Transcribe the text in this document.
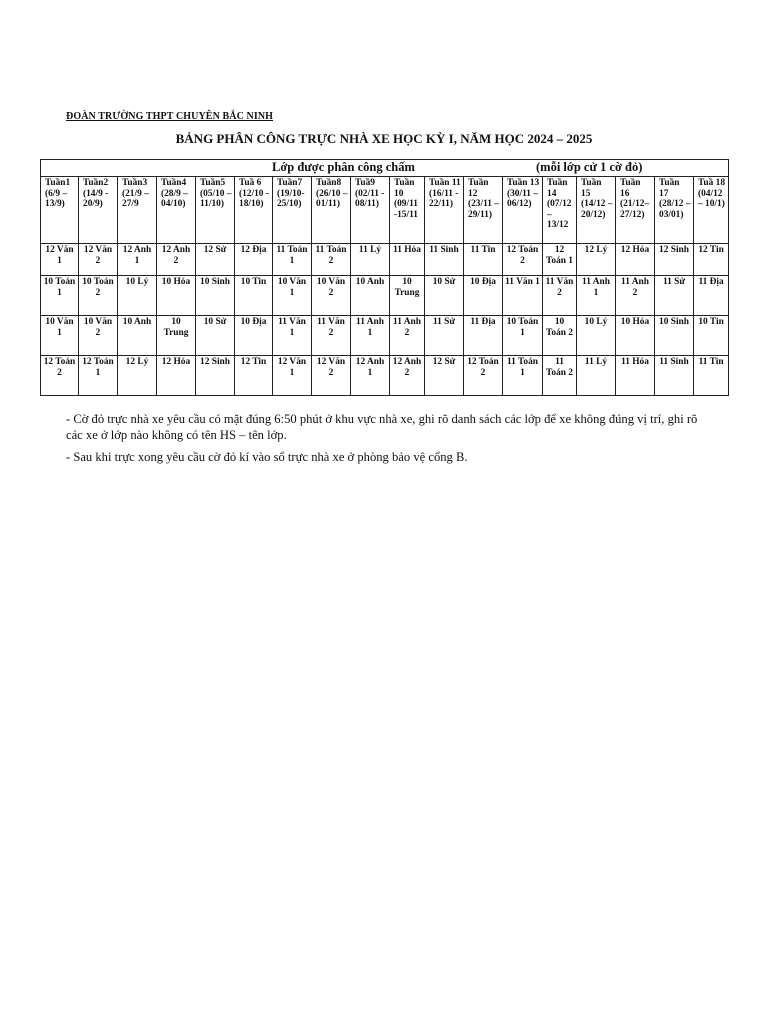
ĐOÀN TRƯỜNG THPT CHUYÊN BẮC NINH
BẢNG PHÂN CÔNG TRỰC NHÀ XE HỌC KỲ I, NĂM HỌC 2024 – 2025
Lớp được phân công chấm (mỗi lớp cử 1 cờ đỏ)																	

Tuần1 (6/9 – 13/9)	Tuần2 (14/9 - 20/9)	Tuần3 (21/9 – 27/9	Tuần4 (28/9 – 04/10)	Tuần5 (05/10 – 11/10)	Tuầ 6 (12/10 - 18/10)	Tuần7 (19/10- 25/10)	Tuần8 (26/10 – 01/11)	Tuầ9 (02/11 - 08/11)	Tuần 10 (09/11 -15/11	Tuần 11 (16/11 - 22/11)	Tuần 12 (23/11 – 29/11)	Tuần 13 (30/11 – 06/12)	Tuần 14 (07/12 – 13/12	Tuần 15 (14/12 – 20/12)	Tuần 16 (21/12– 27/12)	Tuần 17 (28/12 – 03/01)	Tuầ 18 (04/12 – 10/1)
12 Văn 1	12 Văn 2	12 Anh 1	12 Anh 2	12 Sử	12 Địa	11 Toán 1	11 Toán 2	11 Lý	11 Hóa	11 Sinh	11 Tin	12 Toán 2	12 Toán 1	12 Lý	12 Hóa	12 Sinh	12 Tin
10 Toán 1	10 Toán 2	10 Lý	10 Hóa	10 Sinh	10 Tin	10 Văn 1	10 Văn 2	10 Anh	10 Trung	10 Sử	10 Địa	11 Văn 1	11 Văn 2	11 Anh 1	11 Anh 2	11 Sử	11 Địa
10 Văn 1	10 Văn 2	10 Anh	10 Trung	10 Sử	10 Địa	11 Văn 1	11 Văn 2	11 Anh 1	11 Anh 2	11 Sử	11 Địa	10 Toán 1	10 Toán 2	10 Lý	10 Hóa	10 Sinh	10 Tin
12 Toán 2	12 Toán 1	12 Lý	12 Hóa	12 Sinh	12 Tin	12 Văn 1	12 Văn 2	12 Anh 1	12 Anh 2	12 Sử	12 Toán 2	11 Toán 1	11 Toán 2	11 Lý	11 Hóa	11 Sinh	11 Tin

- Cờ đỏ trực nhà xe yêu cầu có mặt đúng 6:50 phút ở khu vực nhà xe, ghi rõ danh sách các lớp để xe không đúng vị trí, ghi rõ các xe ở lớp nào không có tên HS – tên lớp.

- Sau khi trực xong yêu cầu cờ đỏ kí vào sổ trực nhà xe ở phòng bảo vệ cổng B.
